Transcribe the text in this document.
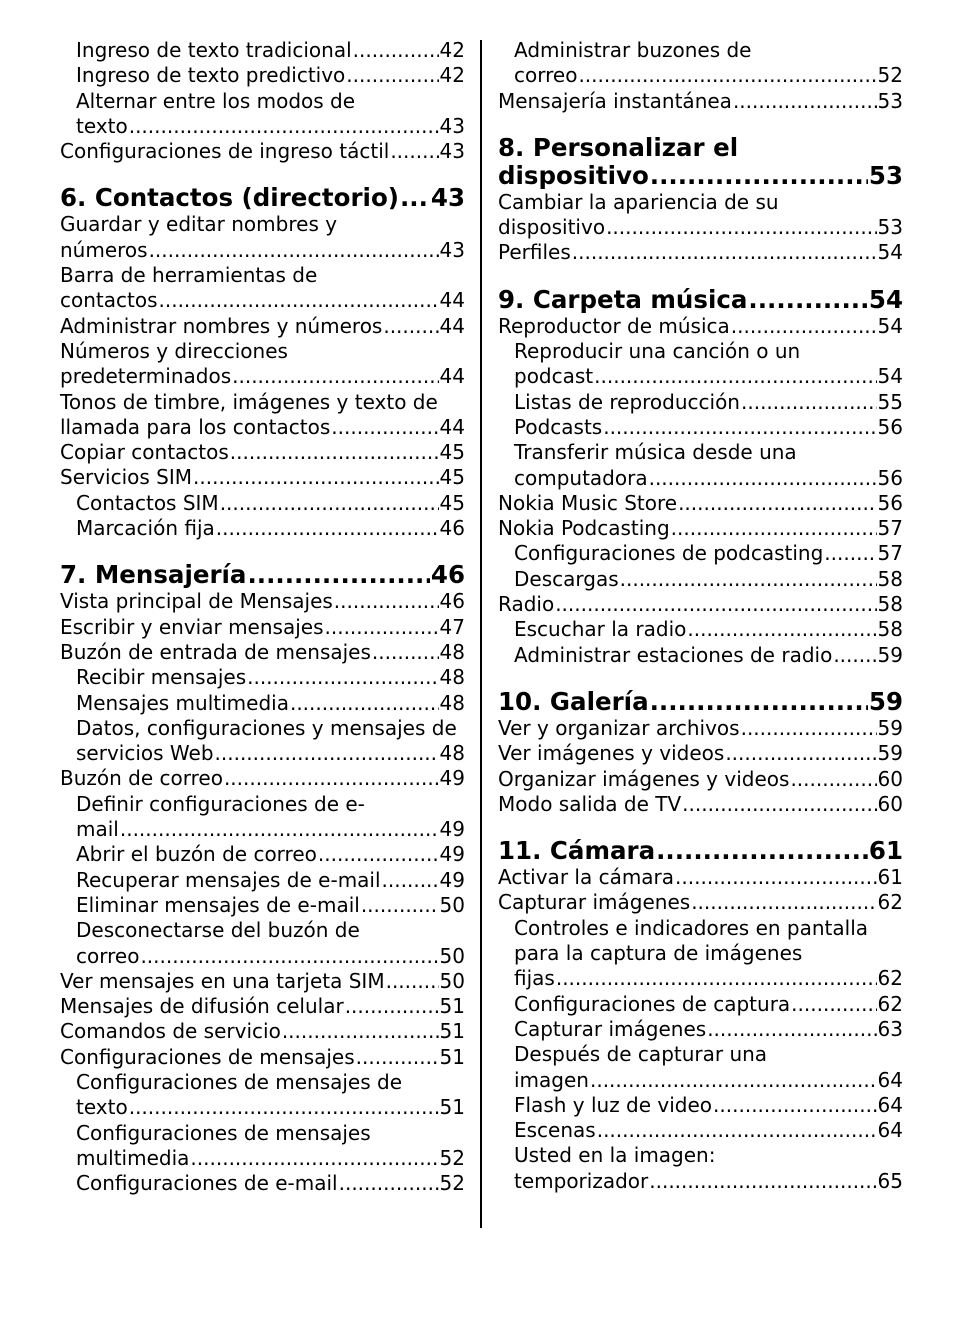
Ingreso de texto tradicional .....	42
Ingreso de texto predictivo .....	42
Alternar entre los modos de
texto .....	43
Configuraciones de ingreso táctil .....	43
6. Contactos (directorio) ..... 43
Guardar y editar nombres y
números .....	43
Barra de herramientas de
contactos .....	44
Administrar nombres y números .....	44
Números y direcciones
predeterminados .....	44
Tonos de timbre, imágenes y texto de
llamada para los contactos .....	44
Copiar contactos .....	45
Servicios SIM .....	45
Contactos SIM .....	45
Marcación fija .....	46
7. Mensajería .....	46
Vista principal de Mensajes .....	46
Escribir y enviar mensajes .....	47
Buzón de entrada de mensajes .....	48
Recibir mensajes .....	48
Mensajes multimedia .....	48
Datos, configuraciones y mensajes de
servicios Web .....	48
Buzón de correo .....	49
Definir configuraciones de e-
mail .....	49
Abrir el buzón de correo .....	49
Recuperar mensajes de e-mail .....	49
Eliminar mensajes de e-mail .....	50
Desconectarse del buzón de
correo .....	50
Ver mensajes en una tarjeta SIM .....	50
Mensajes de difusión celular .....	51
Comandos de servicio .....	51
Configuraciones de mensajes .....	51
Configuraciones de mensajes de
texto .....	51
Configuraciones de mensajes
multimedia .....	52
Configuraciones de e-mail .....	52
Administrar buzones de
correo .....	52
Mensajería instantánea .....	53
8. Personalizar el
dispositivo .....	53
Cambiar la apariencia de su
dispositivo .....	53
Perfiles .....	54
9. Carpeta música .....	54
Reproductor de música .....	54
Reproducir una canción o un
podcast .....	54
Listas de reproducción .....	55
Podcasts .....	56
Transferir música desde una
computadora .....	56
Nokia Music Store .....	56
Nokia Podcasting .....	57
Configuraciones de podcasting .....	57
Descargas .....	58
Radio .....	58
Escuchar la radio .....	58
Administrar estaciones de radio ..... 59
10. Galería .....	59
Ver y organizar archivos .....	59
Ver imágenes y videos .....	59
Organizar imágenes y videos .....	60
Modo salida de TV .....	60
11. Cámara .....	61
Activar la cámara .....	61
Capturar imágenes .....	62
Controles e indicadores en pantalla
para la captura de imágenes
fijas .....	62
Configuraciones de captura .....	62
Capturar imágenes .....	63
Después de capturar una
imagen .....	64
Flash y luz de video .....	64
Escenas .....	64
Usted en la imagen:
temporizador .....	65
